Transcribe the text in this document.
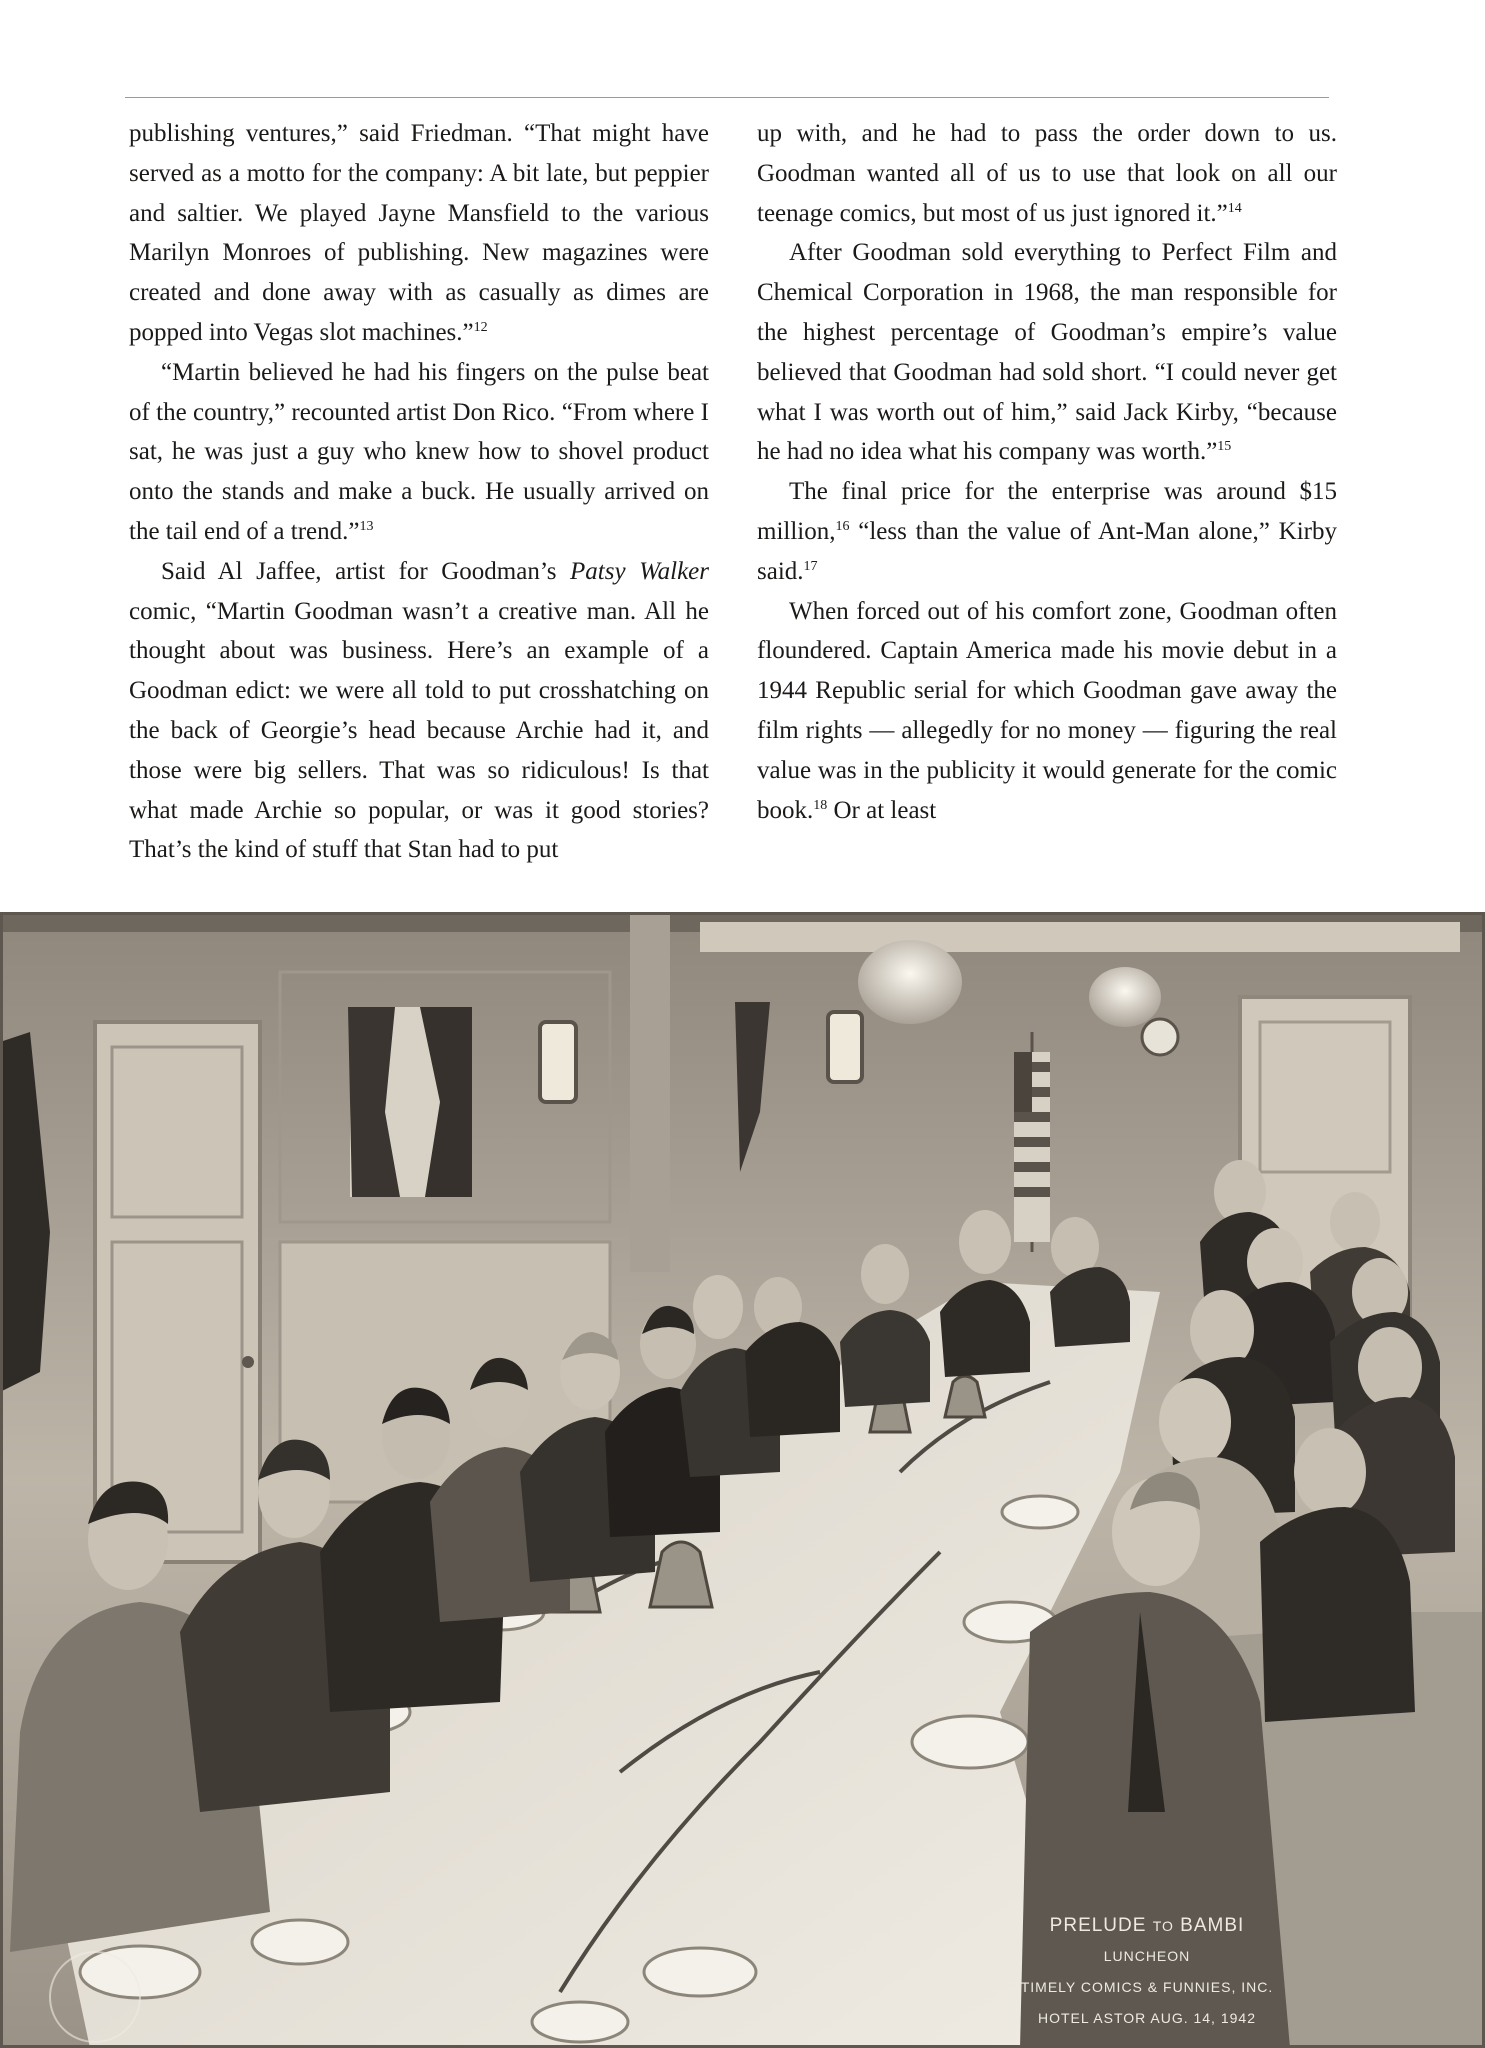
publishing ventures,” said Friedman. “That might have served as a motto for the company: A bit late, but peppier and saltier. We played Jayne Mansfield to the various Marilyn Monroes of publishing. New magazines were created and done away with as casually as dimes are popped into Vegas slot machines.”$^{12}$

“Martin believed he had his fingers on the pulse beat of the country,” recounted artist Don Rico. “From where I sat, he was just a guy who knew how to shovel product onto the stands and make a buck. He usually arrived on the tail end of a trend.”$^{13}$

Said Al Jaffee, artist for Goodman’s Patsy Walker comic, “Martin Goodman wasn’t a creative man. All he thought about was business. Here’s an example of a Goodman edict: we were all told to put crosshatching on the back of Georgie’s head because Archie had it, and those were big sellers. That was so ridiculous! Is that what made Archie so popular, or was it good stories? That’s the kind of stuff that Stan had to put

up with, and he had to pass the order down to us. Goodman wanted all of us to use that look on all our teenage comics, but most of us just ignored it.”$^{14}$

After Goodman sold everything to Perfect Film and Chemical Corporation in 1968, the man responsible for the highest percentage of Goodman’s empire’s value believed that Goodman had sold short. “I could never get what I was worth out of him,” said Jack Kirby, “because he had no idea what his company was worth.”$^{15}$

The final price for the enterprise was around $15 million,$^{16}$ “less than the value of Ant-Man alone,” Kirby said.$^{17}$

When forced out of his comfort zone, Goodman often floundered. Captain America made his movie debut in a 1944 Republic serial for which Goodman gave away the film rights — allegedly for no money — figuring the real value was in the publicity it would generate for the comic book.$^{18}$ Or at least

PRELUDE TO BAMBI
LUNCHEON
TIMELY COMICS & FUNNIES, INC.
HOTEL ASTOR AUG. 14, 1942
